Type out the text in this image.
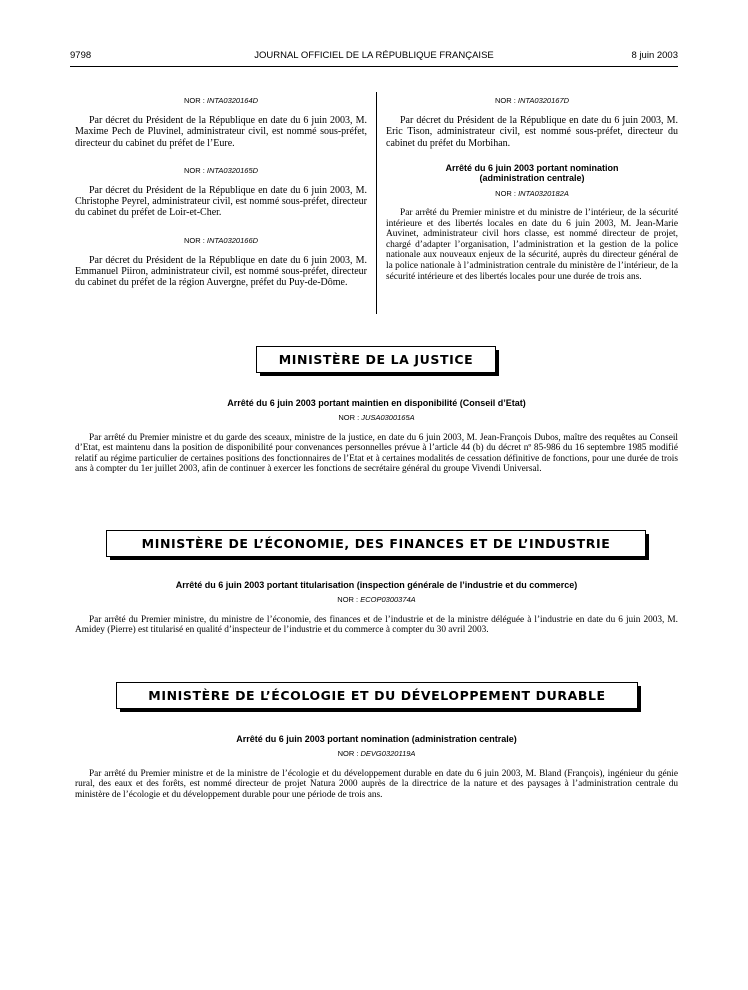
9798	JOURNAL OFFICIEL DE LA RÉPUBLIQUE FRANÇAISE	8 juin 2003
NOR : INTA0320164D

Par décret du Président de la République en date du 6 juin 2003, M. Maxime Pech de Pluvinel, administrateur civil, est nommé sous-préfet, directeur du cabinet du préfet de l’Eure.

NOR : INTA0320165D

Par décret du Président de la République en date du 6 juin 2003, M. Christophe Peyrel, administrateur civil, est nommé sous-préfet, directeur du cabinet du préfet de Loir-et-Cher.

NOR : INTA0320166D

Par décret du Président de la République en date du 6 juin 2003, M. Emmanuel Piiron, administrateur civil, est nommé sous-préfet, directeur du cabinet du préfet de la région Auvergne, préfet du Puy-de-Dôme.

NOR : INTA0320167D

Par décret du Président de la République en date du 6 juin 2003, M. Eric Tison, administrateur civil, est nommé sous-préfet, directeur du cabinet du préfet du Morbihan.

Arrêté du 6 juin 2003 portant nomination
(administration centrale)
NOR : INTA0320182A

Par arrêté du Premier ministre et du ministre de l’intérieur, de la sécurité intérieure et des libertés locales en date du 6 juin 2003, M. Jean-Marie Auvinet, administrateur civil hors classe, est nommé directeur de projet, chargé d’adapter l’organisation, l’administration et la gestion de la police nationale aux nouveaux enjeux de la sécurité, auprès du directeur général de la police nationale à l’administration centrale du ministère de l’intérieur, de la sécurité intérieure et des libertés locales pour une durée de trois ans.

MINISTÈRE DE LA JUSTICE
Arrêté du 6 juin 2003 portant maintien en disponibilité (Conseil d’Etat)
NOR : JUSA0300165A

Par arrêté du Premier ministre et du garde des sceaux, ministre de la justice, en date du 6 juin 2003, M. Jean-François Dubos, maître des requêtes au Conseil d’Etat, est maintenu dans la position de disponibilité pour convenances personnelles prévue à l’article 44 (b) du décret nº 85-986 du 16 septembre 1985 modifié relatif au régime particulier de certaines positions des fonctionnaires de l’Etat et à certaines modalités de cessation définitive de fonctions, pour une durée de trois ans à compter du 1er juillet 2003, afin de continuer à exercer les fonctions de secrétaire général du groupe Vivendi Universal.

MINISTÈRE DE L’ÉCONOMIE, DES FINANCES ET DE L’INDUSTRIE
Arrêté du 6 juin 2003 portant titularisation (inspection générale de l’industrie et du commerce)
NOR : ECOP0300374A

Par arrêté du Premier ministre, du ministre de l’économie, des finances et de l’industrie et de la ministre déléguée à l’industrie en date du 6 juin 2003, M. Amidey (Pierre) est titularisé en qualité d’inspecteur de l’industrie et du commerce à compter du 30 avril 2003.

MINISTÈRE DE L’ÉCOLOGIE ET DU DÉVELOPPEMENT DURABLE
Arrêté du 6 juin 2003 portant nomination (administration centrale)
NOR : DEVG0320119A

Par arrêté du Premier ministre et de la ministre de l’écologie et du développement durable en date du 6 juin 2003, M. Bland (François), ingénieur du génie rural, des eaux et des forêts, est nommé directeur de projet Natura 2000 auprès de la directrice de la nature et des paysages à l’administration centrale du ministère de l’écologie et du développement durable pour une période de trois ans.
